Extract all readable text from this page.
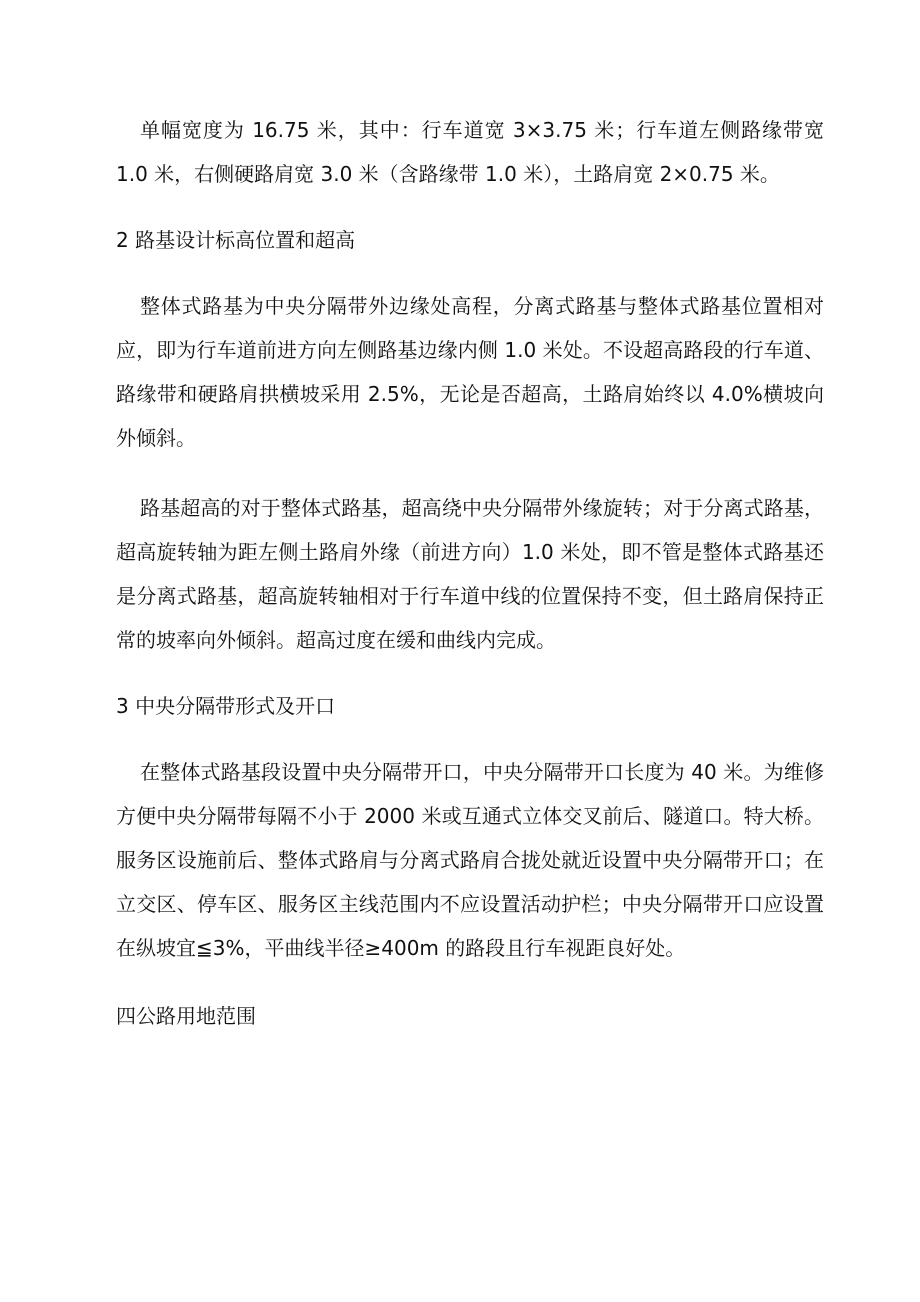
单幅宽度为 16.75 米，其中：行车道宽 3×3.75 米；行车道左侧路缘带宽 1.0 米，右侧硬路肩宽 3.0 米（含路缘带 1.0 米），土路肩宽 2×0.75 米。

2 路基设计标高位置和超高

整体式路基为中央分隔带外边缘处高程，分离式路基与整体式路基位置相对应，即为行车道前进方向左侧路基边缘内侧 1.0 米处。不设超高路段的行车道、路缘带和硬路肩拱横坡采用 2.5%，无论是否超高，土路肩始终以 4.0%横坡向外倾斜。

路基超高的对于整体式路基，超高绕中央分隔带外缘旋转；对于分离式路基，超高旋转轴为距左侧土路肩外缘（前进方向）1.0 米处，即不管是整体式路基还是分离式路基，超高旋转轴相对于行车道中线的位置保持不变，但土路肩保持正常的坡率向外倾斜。超高过度在缓和曲线内完成。

3 中央分隔带形式及开口

在整体式路基段设置中央分隔带开口，中央分隔带开口长度为 40 米。为维修方便中央分隔带每隔不小于 2000 米或互通式立体交叉前后、隧道口。特大桥。服务区设施前后、整体式路肩与分离式路肩合拢处就近设置中央分隔带开口；在立交区、停车区、服务区主线范围内不应设置活动护栏；中央分隔带开口应设置在纵坡宜≦3%，平曲线半径≥400m 的路段且行车视距良好处。

四公路用地范围
